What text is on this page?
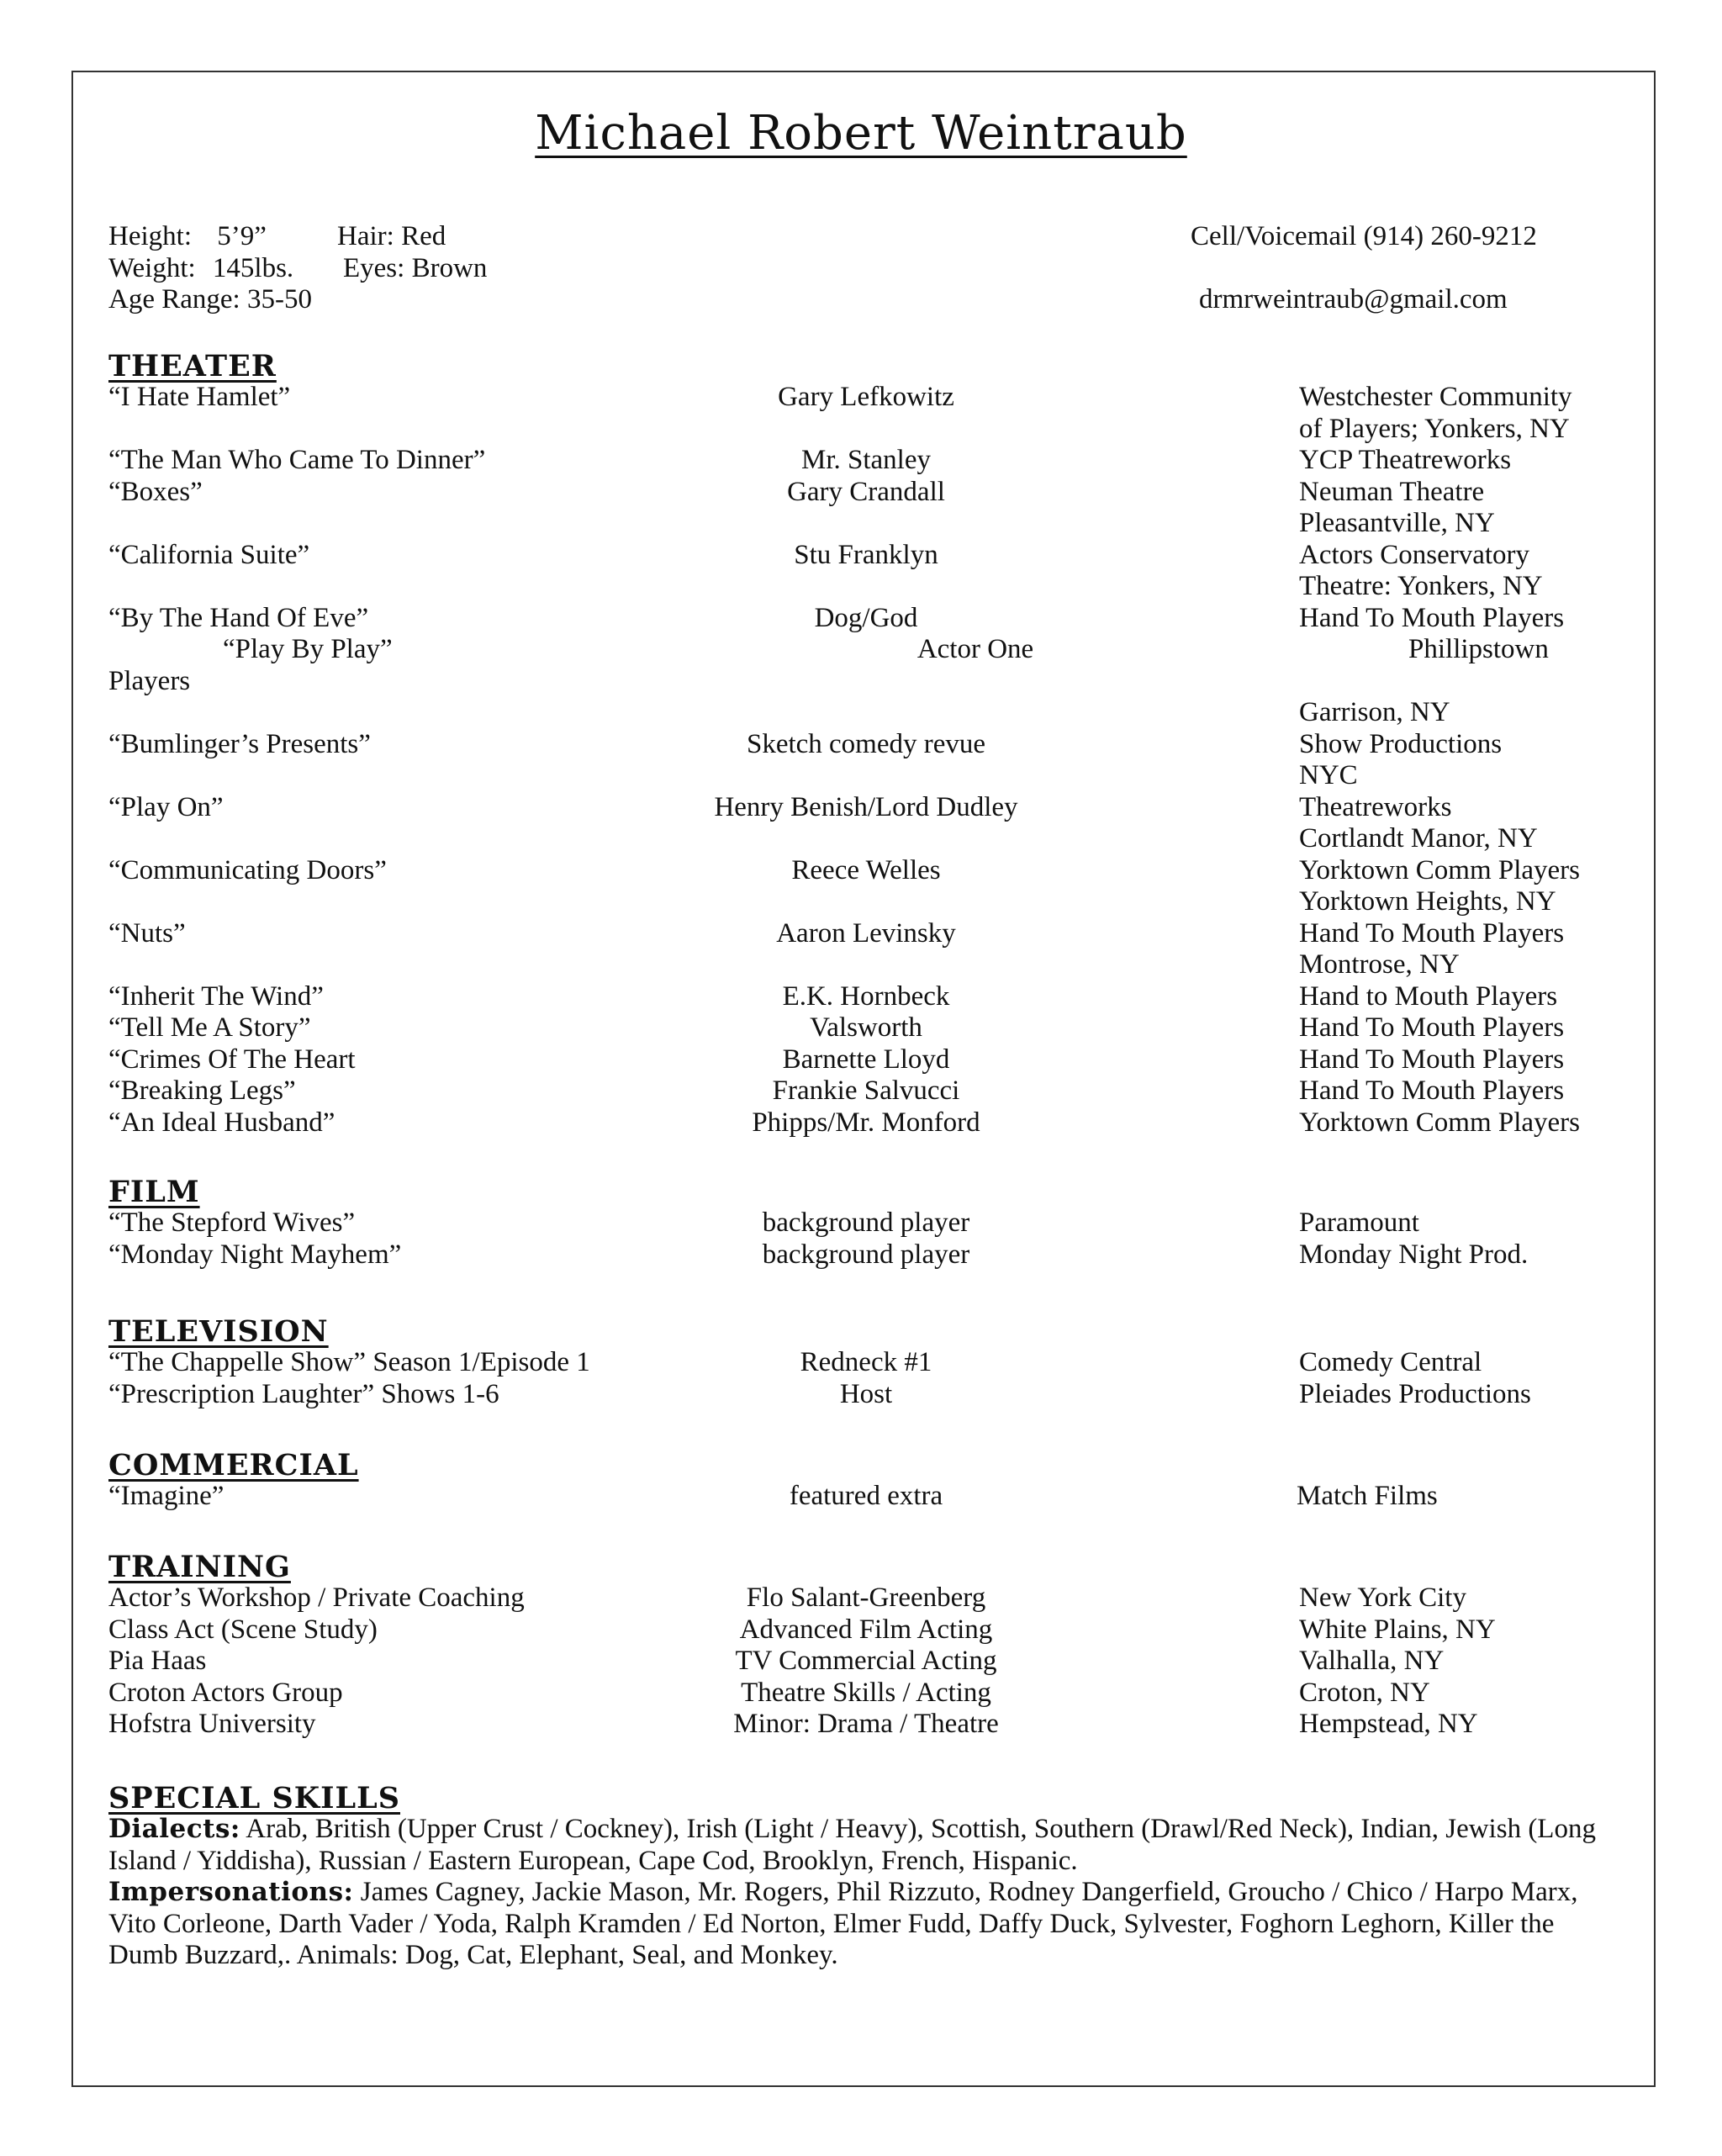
Michael Robert Weintraub
Height: 5’9”	Hair: Red
Weight: 145lbs. Eyes: Brown
Age Range: 35-50
Cell/Voicemail (914) 260-9212
drmrweintraub@gmail.com
THEATER
FILM
TELEVISION
COMMERCIAL
TRAINING
SPECIAL SKILLS
“I Hate Hamlet”	Gary Lefkowitz	Westchester Community
of Players; Yonkers, NY
“The Man Who Came To Dinner”	Mr. Stanley	YCP Theatreworks
“Boxes”	Gary Crandall	Neuman Theatre
Pleasantville, NY
“California Suite”	Stu Franklyn	Actors Conservatory
Theatre: Yonkers, NY
“By The Hand Of Eve”	Dog/God	Hand To Mouth Players
“Play By Play”	Actor One	Phillipstown
Players
Garrison, NY
“Bumlinger’s Presents”	Sketch comedy revue	Show Productions
NYC
“Play On”	Henry Benish/Lord Dudley	Theatreworks
Cortlandt Manor, NY
“Communicating Doors”	Reece Welles	Yorktown Comm Players
Yorktown Heights, NY
“Nuts”	Aaron Levinsky	Hand To Mouth Players
Montrose, NY
“Inherit The Wind”	E.K. Hornbeck	Hand to Mouth Players
“Tell Me A Story”	Valsworth	Hand To Mouth Players
“Crimes Of The Heart	Barnette Lloyd	Hand To Mouth Players
“Breaking Legs”	Frankie Salvucci	Hand To Mouth Players
“An Ideal Husband”	Phipps/Mr. Monford	Yorktown Comm Players
“The Stepford Wives”	background player	Paramount
“Monday Night Mayhem”	background player	Monday Night Prod.
“The Chappelle Show” Season 1/Episode 1	Redneck #1	Comedy Central
“Prescription Laughter” Shows 1-6	Host	Pleiades Productions
“Imagine”	featured extra	Match Films
Actor’s Workshop / Private Coaching	Flo Salant-Greenberg	New York City
Class Act (Scene Study)	Advanced Film Acting	White Plains, NY
Pia Haas	TV Commercial Acting	Valhalla, NY
Croton Actors Group	Theatre Skills / Acting	Croton, NY
Hofstra University	Minor: Drama / Theatre	Hempstead, NY
Dialects: Arab, British (Upper Crust / Cockney), Irish (Light / Heavy), Scottish, Southern (Drawl/Red Neck), Indian, Jewish (Long Island / Yiddisha), Russian / Eastern European, Cape Cod, Brooklyn, French, Hispanic.
Impersonations: James Cagney, Jackie Mason, Mr. Rogers, Phil Rizzuto, Rodney Dangerfield, Groucho / Chico / Harpo Marx, Vito Corleone, Darth Vader / Yoda, Ralph Kramden / Ed Norton, Elmer Fudd, Daffy Duck, Sylvester, Foghorn Leghorn, Killer the Dumb Buzzard,. Animals: Dog, Cat, Elephant, Seal, and Monkey.
